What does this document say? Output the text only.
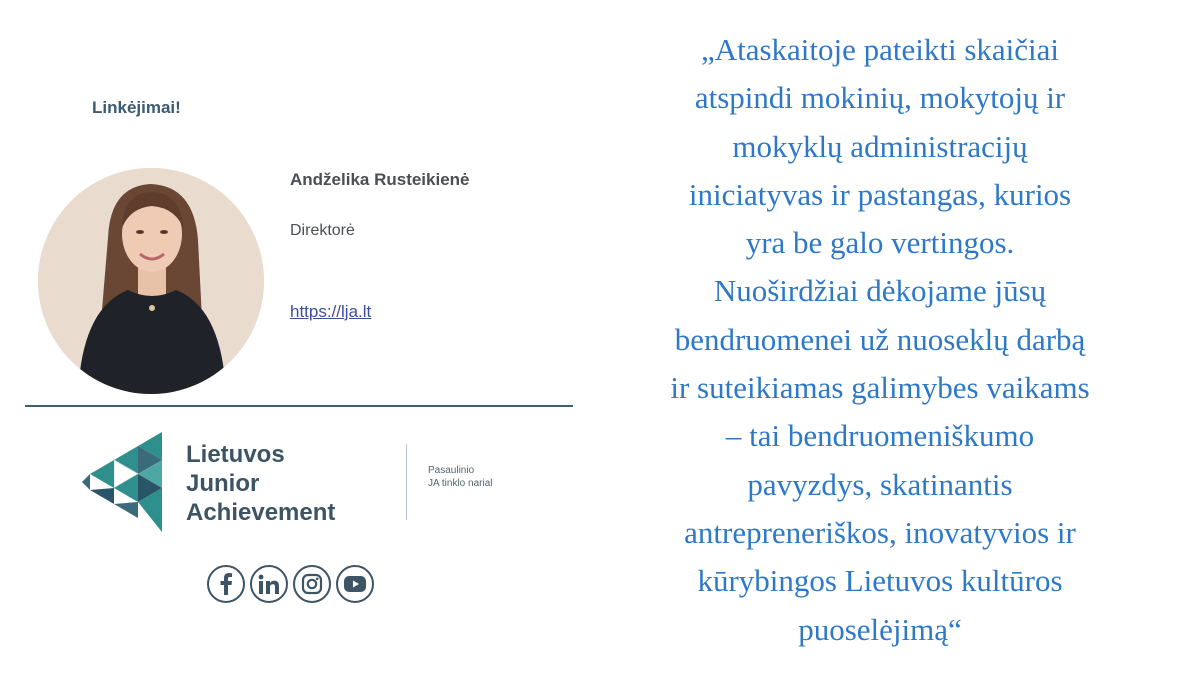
Linkėjimai!
Andželika Rusteikienė
Direktorė
https://lja.lt
Lietuvos
Junior
Achievement
Pasaulinio
JA tinklo narial
„Ataskaitoje pateikti skaičiai
atspindi mokinių, mokytojų ir
mokyklų administracijų
iniciatyvas ir pastangas, kurios
yra be galo vertingos.
Nuoširdžiai dėkojame jūsų
bendruomenei už nuoseklų darbą
ir suteikiamas galimybes vaikams
– tai bendruomeniškumo
pavyzdys, skatinantis
antrepreneriškos, inovatyvios ir
kūrybingos Lietuvos kultūros
puoselėjimą“
